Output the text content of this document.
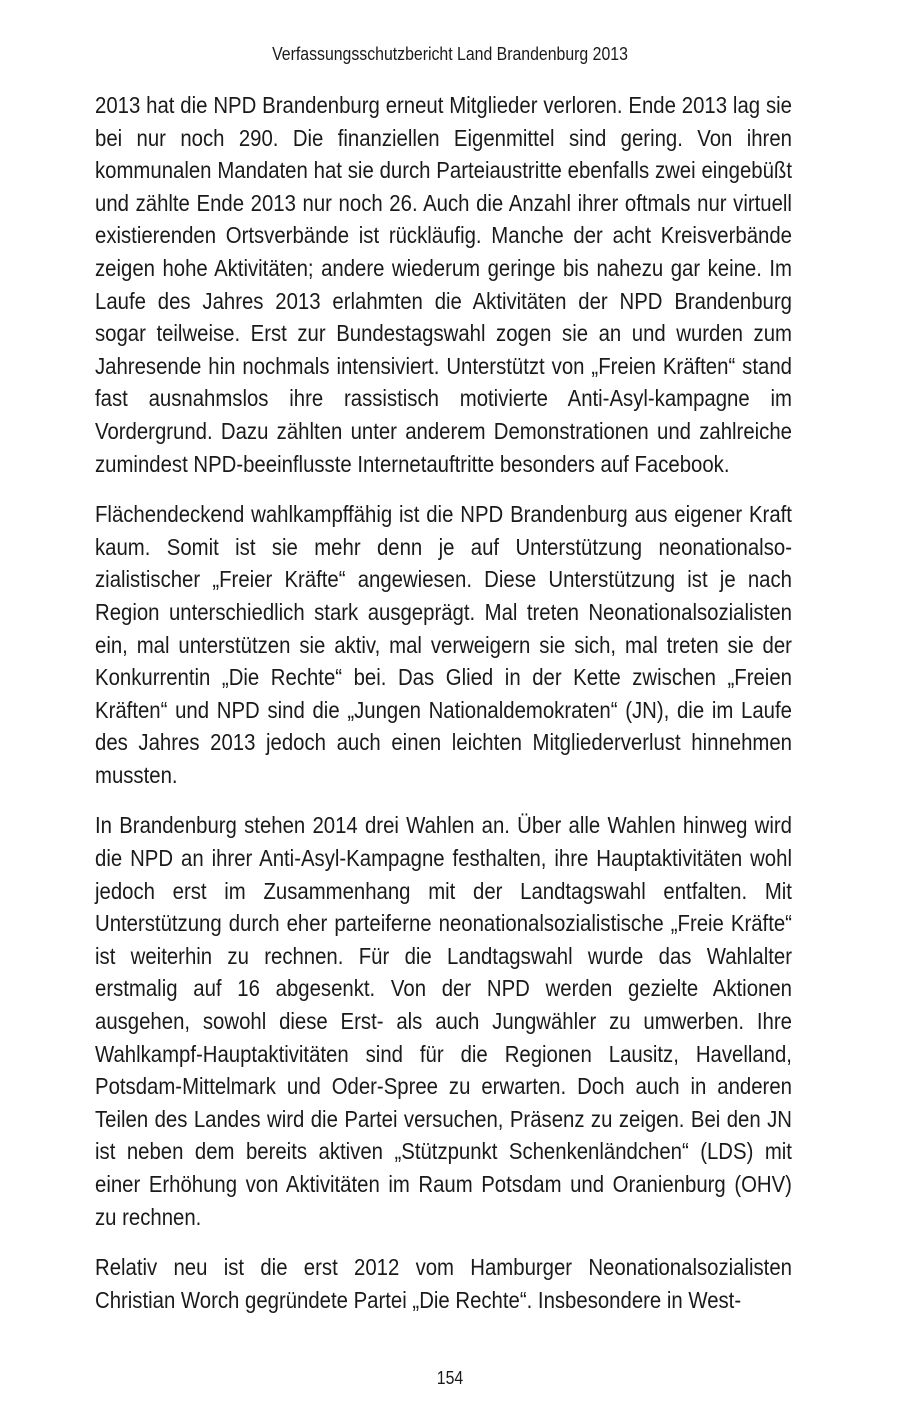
Verfassungsschutzbericht Land Brandenburg 2013

2013 hat die NPD Brandenburg erneut Mitglieder verloren. Ende 2013 lag sie bei nur noch 290. Die finanziellen Eigenmittel sind gering. Von ihren kommunalen Mandaten hat sie durch Parteiaustritte ebenfalls zwei eingebüßt und zählte Ende 2013 nur noch 26. Auch die Anzahl ihrer oftmals nur virtuell existierenden Ortsverbände ist rückläufig. Manche der acht Kreisverbände zeigen hohe Aktivitäten; andere wiederum geringe bis nahezu gar keine. Im Laufe des Jahres 2013 erlahmten die Aktivitäten der NPD Brandenburg sogar teilweise. Erst zur Bundestagswahl zogen sie an und wurden zum Jahresende hin nochmals intensiviert. Unterstützt von „Freien Kräften“ stand fast ausnahmslos ihre rassistisch motivierte Anti-Asyl-kampagne im Vordergrund. Dazu zählten unter anderem Demonstrationen und zahlreiche zumindest NPD-beeinflusste Internetauftritte besonders auf Facebook.

Flächendeckend wahlkampffähig ist die NPD Brandenburg aus eigener Kraft kaum. Somit ist sie mehr denn je auf Unterstützung neonationalsozialistischer „Freier Kräfte“ angewiesen. Diese Unterstützung ist je nach Region unterschiedlich stark ausgeprägt. Mal treten Neonationalsozialisten ein, mal unterstützen sie aktiv, mal verweigern sie sich, mal treten sie der Konkurrentin „Die Rechte“ bei. Das Glied in der Kette zwischen „Freien Kräften“ und NPD sind die „Jungen Nationaldemokraten“ (JN), die im Laufe des Jahres 2013 jedoch auch einen leichten Mitgliederverlust hinnehmen mussten.

In Brandenburg stehen 2014 drei Wahlen an. Über alle Wahlen hinweg wird die NPD an ihrer Anti-Asyl-Kampagne festhalten, ihre Hauptaktivitäten wohl jedoch erst im Zusammenhang mit der Landtagswahl entfalten. Mit Unterstützung durch eher parteiferne neonationalsozialistische „Freie Kräfte“ ist weiterhin zu rechnen. Für die Landtagswahl wurde das Wahlalter erstmalig auf 16 abgesenkt. Von der NPD werden gezielte Aktionen ausgehen, sowohl diese Erst- als auch Jungwähler zu umwerben. Ihre Wahlkampf-Hauptaktivitäten sind für die Regionen Lausitz, Havelland, Potsdam-Mittelmark und Oder-Spree zu erwarten. Doch auch in anderen Teilen des Landes wird die Partei versuchen, Präsenz zu zeigen. Bei den JN ist neben dem bereits aktiven „Stützpunkt Schenkenländchen“ (LDS) mit einer Erhöhung von Aktivitäten im Raum Potsdam und Oranienburg (OHV) zu rechnen.

Relativ neu ist die erst 2012 vom Hamburger Neonationalsozialisten Christian Worch gegründete Partei „Die Rechte“. Insbesondere in West-

154
